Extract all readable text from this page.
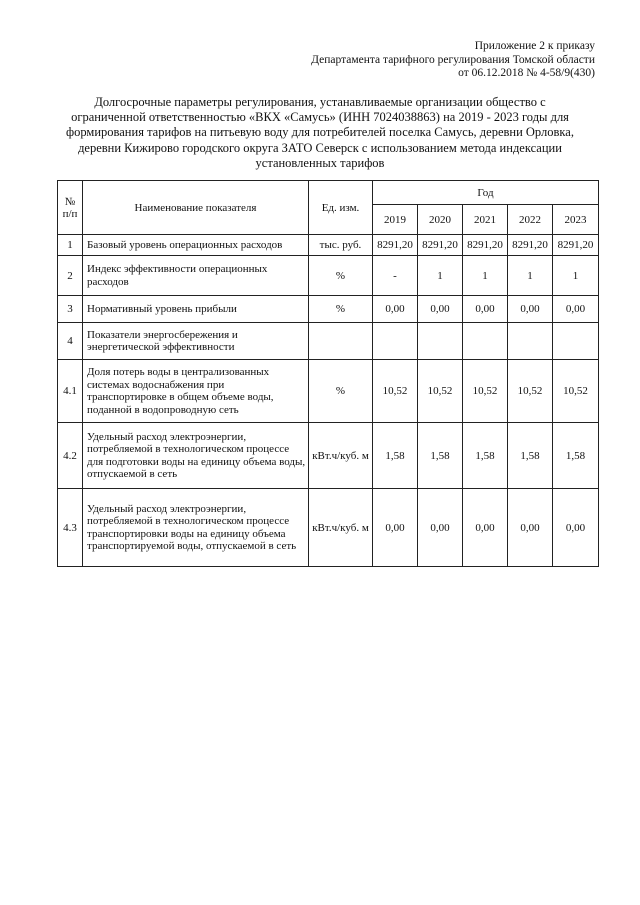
Приложение 2 к приказу
Департамента тарифного регулирования Томской области
от 06.12.2018 № 4-58/9(430)
Долгосрочные параметры регулирования, устанавливаемые организации общество с
ограниченной ответственностью «ВКХ «Самусь» (ИНН 7024038863) на 2019 - 2023 годы для
формирования тарифов на питьевую воду для потребителей поселка Самусь, деревни Орловка,
деревни Кижирово городского округа ЗАТО Северск с использованием метода индексации
установленных тарифов
№ п/п	Наименование показателя	Ед. изм.	Год				
			2019	2020	2021	2022	2023
1	Базовый уровень операционных расходов	тыс. руб.	8291,20	8291,20	8291,20	8291,20	8291,20
2	Индекс эффективности операционных расходов	%	-	1	1	1	1
3	Нормативный уровень прибыли	%	0,00	0,00	0,00	0,00	0,00
4	Показатели энергосбережения и энергетической эффективности						
4.1	Доля потерь воды в централизованных системах водоснабжения при транспортировке в общем объеме воды, поданной в водопроводную сеть	%	10,52	10,52	10,52	10,52	10,52
4.2	Удельный расход электроэнергии, потребляемой в технологическом процессе для подготовки воды на единицу объема воды, отпускаемой в сеть	кВт.ч/куб. м	1,58	1,58	1,58	1,58	1,58
4.3	Удельный расход электроэнергии, потребляемой в технологическом процессе транспортировки воды на единицу объема транспортируемой воды, отпускаемой в сеть	кВт.ч/куб. м	0,00	0,00	0,00	0,00	0,00
